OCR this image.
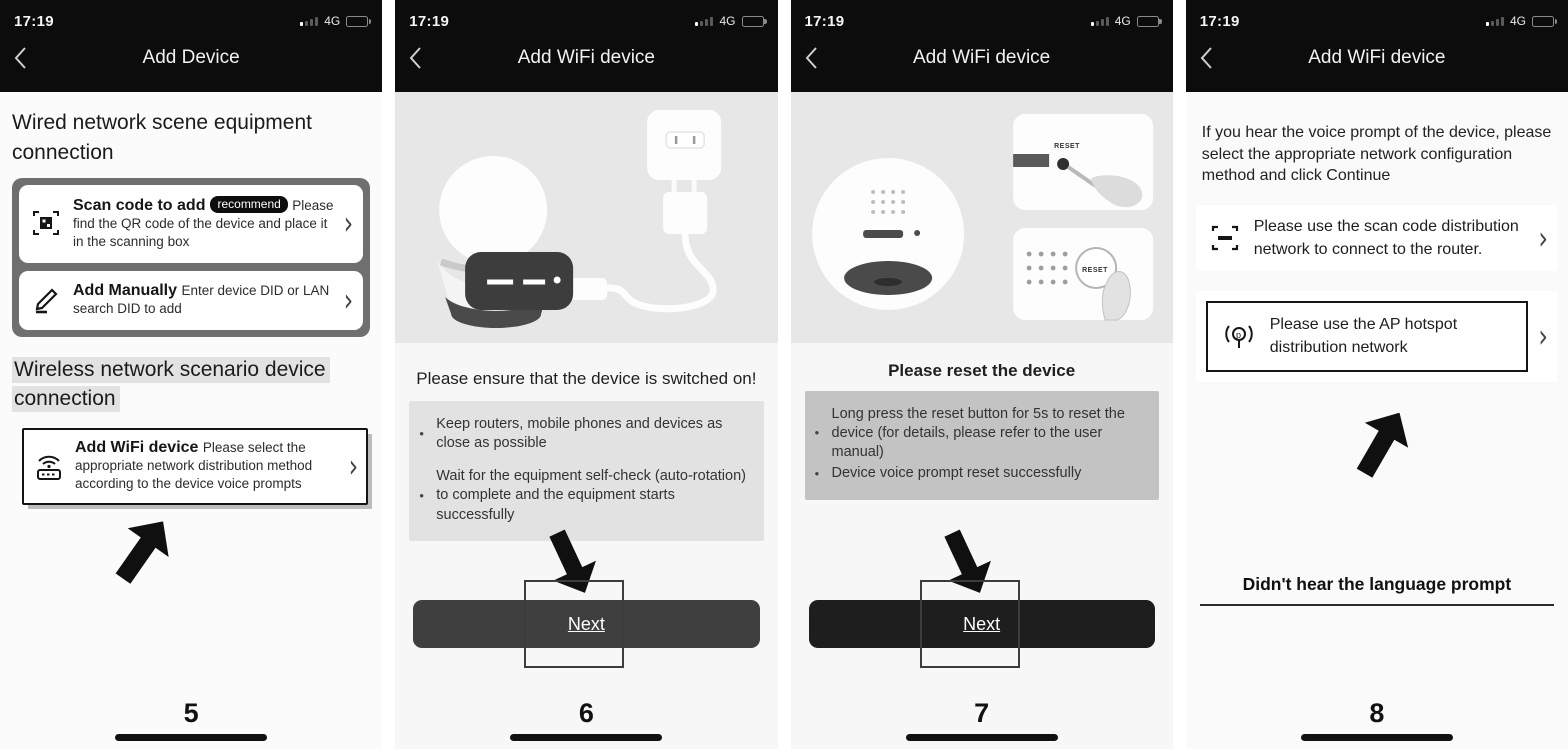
17:19	4G
Add Device
Wired network scene equipment connection
Scan code to add recommend Please find the QR code of the device and place it in the scanning box	›
Add Manually Enter device DID or LAN search DID to add	›
Wireless network scenario device connection
Add WiFi device Please select the appropriate network distribution method according to the device voice prompts	›
5
17:19	4G
Add WiFi device
Please ensure that the device is switched on!
● Keep routers, mobile phones and devices as close as possible
● Wait for the equipment self-check (auto-rotation) to complete and the equipment starts successfully
Next
6
17:19	4G
Add WiFi device
RESET
RESET
Please reset the device
● Long press the reset button for 5s to reset the device (for details, please refer to the user manual)
● Device voice prompt reset successfully
Next
7
17:19	4G
Add WiFi device
If you hear the voice prompt of the device, please select the appropriate network configuration method and click Continue
Please use the scan code distribution network to connect to the router.	›
p
Please use the AP hotspot distribution network	›
Didn't hear the language prompt
8
